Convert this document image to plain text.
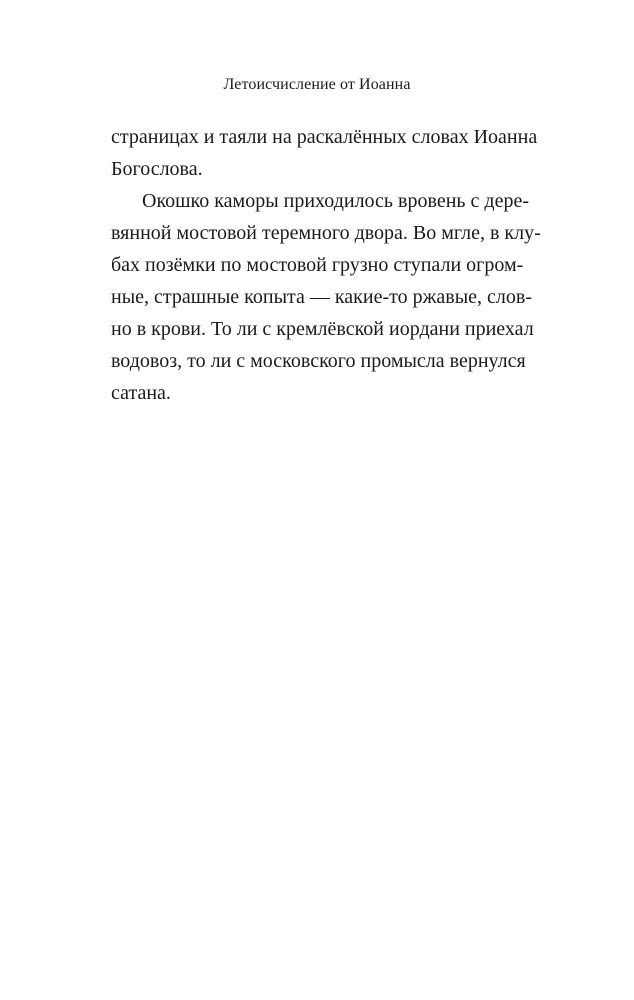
Летоисчисление от Иоанна
страницах и таяли на раскалённых словах Иоанна
Богослова.
Окошко каморы приходилось вровень с дере-
вянной мостовой теремного двора. Во мгле, в клу-
бах позёмки по мостовой грузно ступали огром-
ные, страшные копыта — какие-то ржавые, слов-
но в крови. То ли с кремлёвской иордани приехал
водовоз, то ли с московского промысла вернулся
сатана.
